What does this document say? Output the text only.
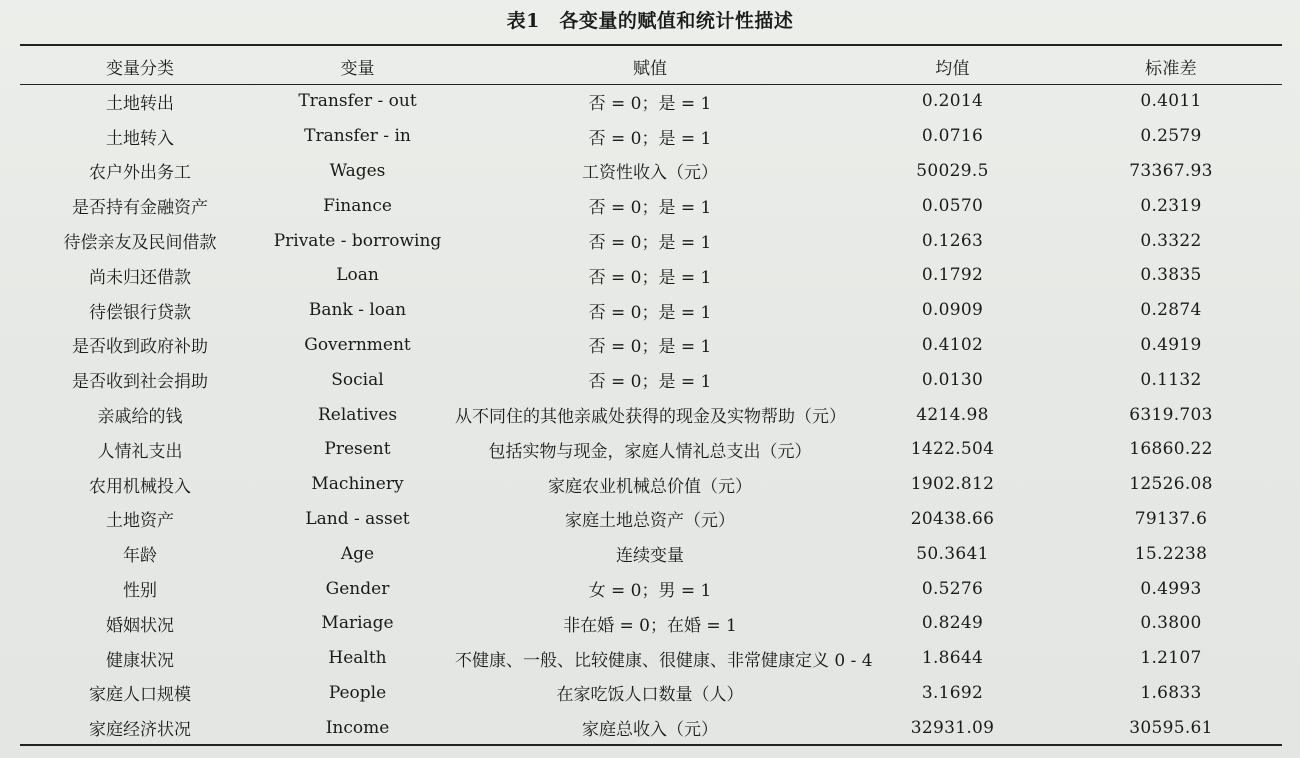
表1　各变量的赋值和统计性描述
变量分类	变量	赋值	均值	标准差
土地转出	Transfer - out	否 = 0；是 = 1	0.2014	0.4011
土地转入	Transfer - in	否 = 0；是 = 1	0.0716	0.2579
农户外出务工	Wages	工资性收入（元）	50029.5	73367.93
是否持有金融资产	Finance	否 = 0；是 = 1	0.0570	0.2319
待偿亲友及民间借款	Private - borrowing	否 = 0；是 = 1	0.1263	0.3322
尚未归还借款	Loan	否 = 0；是 = 1	0.1792	0.3835
待偿银行贷款	Bank - loan	否 = 0；是 = 1	0.0909	0.2874
是否收到政府补助	Government	否 = 0；是 = 1	0.4102	0.4919
是否收到社会捐助	Social	否 = 0；是 = 1	0.0130	0.1132
亲戚给的钱	Relatives	从不同住的其他亲戚处获得的现金及实物帮助（元）	4214.98	6319.703
人情礼支出	Present	包括实物与现金，家庭人情礼总支出（元）	1422.504	16860.22
农用机械投入	Machinery	家庭农业机械总价值（元）	1902.812	12526.08
土地资产	Land - asset	家庭土地总资产（元）	20438.66	79137.6
年龄	Age	连续变量	50.3641	15.2238
性别	Gender	女 = 0；男 = 1	0.5276	0.4993
婚姻状况	Mariage	非在婚 = 0；在婚 = 1	0.8249	0.3800
健康状况	Health	不健康、一般、比较健康、很健康、非常健康定义 0 - 4	1.8644	1.2107
家庭人口规模	People	在家吃饭人口数量（人）	3.1692	1.6833
家庭经济状况	Income	家庭总收入（元）	32931.09	30595.61
